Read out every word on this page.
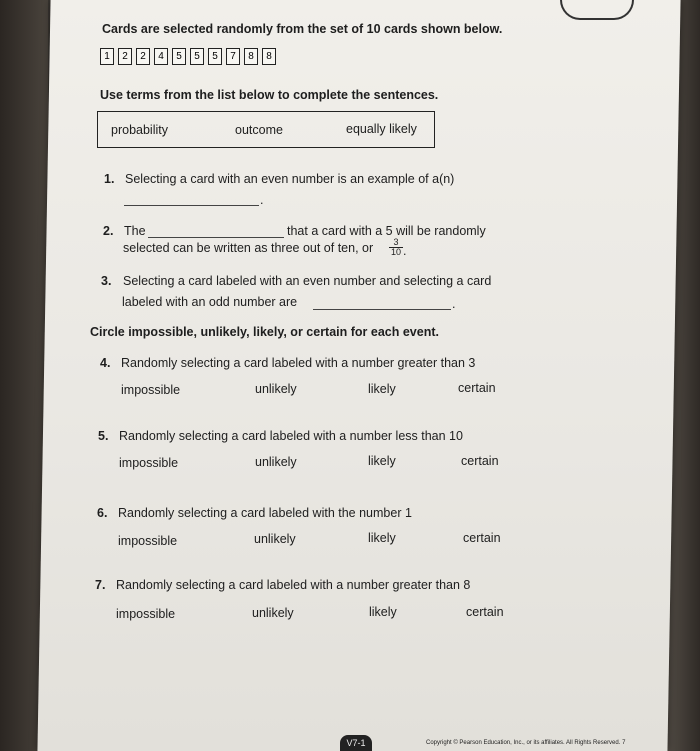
Cards are selected randomly from the set of 10 cards shown below.
1	2	2	4	5	5	5	7	8	8
Use terms from the list below to complete the sentences.
probability	outcome	equally likely
1. Selecting a card with an even number is an example of a(n)
.
2. The	that a card with a 5 will be randomly
selected can be written as three out of ten, or $\frac{3}{10}$ .
3. Selecting a card labeled with an even number and selecting a card
labeled with an odd number are	.
Circle impossible, unlikely, likely, or certain for each event.
4. Randomly selecting a card labeled with a number greater than 3
impossible	unlikely	likely	certain
5. Randomly selecting a card labeled with a number less than 10
impossible	unlikely	likely	certain
6. Randomly selecting a card labeled with the number 1
impossible	unlikely	likely	certain
7. Randomly selecting a card labeled with a number greater than 8
impossible	unlikely	likely	certain
V7-1	Copyright © Pearson Education, Inc., or its affiliates. All Rights Reserved. 7
